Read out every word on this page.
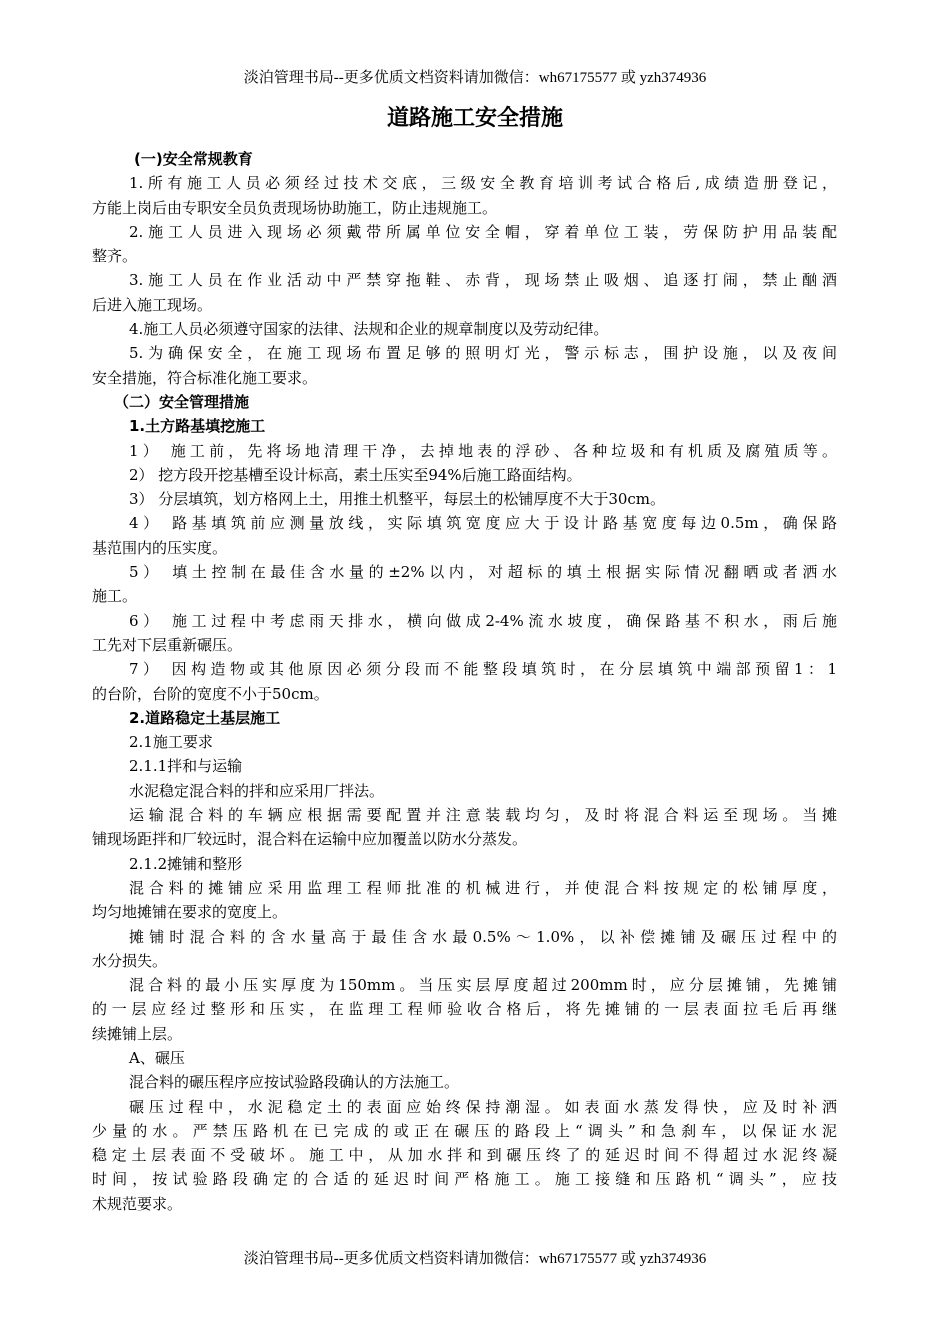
淡泊管理书局--更多优质文档资料请加微信：wh67175577 或 yzh374936
道路施工安全措施
(一)安全常规教育
1.所有施工人员必须经过技术交底，三级安全教育培训考试合格后,成绩造册登记，
方能上岗后由专职安全员负责现场协助施工，防止违规施工。
2.施工人员进入现场必须戴带所属单位安全帽，穿着单位工装，劳保防护用品装配
整齐。
3.施工人员在作业活动中严禁穿拖鞋、赤背，现场禁止吸烟、追逐打闹，禁止酗酒
后进入施工现场。
4.施工人员必须遵守国家的法律、法规和企业的规章制度以及劳动纪律。
5.为确保安全，在施工现场布置足够的照明灯光，警示标志，围护设施，以及夜间
安全措施，符合标准化施工要求。
（二）安全管理措施
1.土方路基填挖施工
1） 施工前，先将场地清理干净，去掉地表的浮砂、各种垃圾和有机质及腐殖质等。
2） 挖方段开挖基槽至设计标高，素土压实至94%后施工路面结构。
3） 分层填筑，划方格网上土，用推土机整平，每层土的松铺厚度不大于30cm。
4） 路基填筑前应测量放线，实际填筑宽度应大于设计路基宽度每边0.5m，确保路
基范围内的压实度。
5） 填土控制在最佳含水量的±2%以内，对超标的填土根据实际情况翻晒或者洒水
施工。
6） 施工过程中考虑雨天排水，横向做成2-4%流水坡度，确保路基不积水，雨后施
工先对下层重新碾压。
7） 因构造物或其他原因必须分段而不能整段填筑时，在分层填筑中端部预留1：1
的台阶，台阶的宽度不小于50cm。
2.道路稳定土基层施工
2.1施工要求
2.1.1拌和与运输
水泥稳定混合料的拌和应采用厂拌法。
运输混合料的车辆应根据需要配置并注意装载均匀，及时将混合料运至现场。当摊
铺现场距拌和厂较远时，混合料在运输中应加覆盖以防水分蒸发。
2.1.2摊铺和整形
混合料的摊铺应采用监理工程师批准的机械进行，并使混合料按规定的松铺厚度，
均匀地摊铺在要求的宽度上。
摊铺时混合料的含水量高于最佳含水最0.5%～1.0%，以补偿摊铺及碾压过程中的
水分损失。
混合料的最小压实厚度为150mm。当压实层厚度超过200mm时，应分层摊铺，先摊铺
的一层应经过整形和压实，在监理工程师验收合格后，将先摊铺的一层表面拉毛后再继
续摊铺上层。
A、碾压
混合料的碾压程序应按试验路段确认的方法施工。
碾压过程中，水泥稳定土的表面应始终保持潮湿。如表面水蒸发得快，应及时补洒
少量的水。严禁压路机在已完成的或正在碾压的路段上“调头”和急刹车，以保证水泥
稳定土层表面不受破坏。施工中，从加水拌和到碾压终了的延迟时间不得超过水泥终凝
时间，按试验路段确定的合适的延迟时间严格施工。施工接缝和压路机“调头”，应技
术规范要求。
淡泊管理书局--更多优质文档资料请加微信：wh67175577 或 yzh374936
